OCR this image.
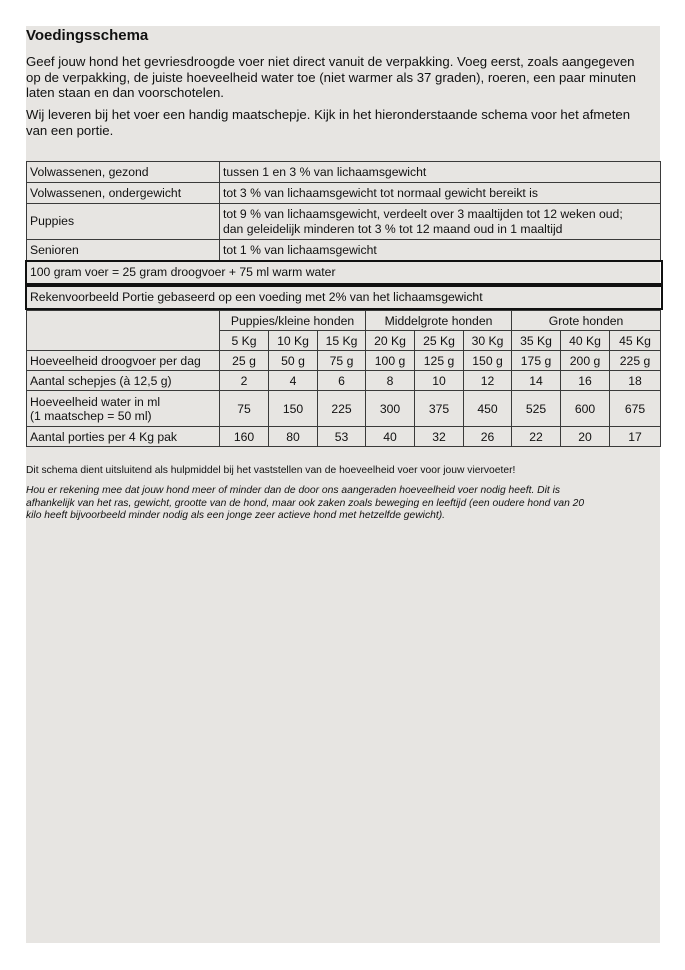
Voedingsschema
Geef jouw hond het gevriesdroogde voer niet direct vanuit de verpakking. Voeg eerst, zoals aangegeven op de verpakking, de juiste hoeveelheid water toe (niet warmer als 37 graden), roeren, een paar minuten laten staan en dan voorschotelen.
Wij leveren bij het voer een handig maatschepje. Kijk in het hieronderstaande schema voor het afmeten van een portie.
Volwassenen, gezond	tussen 1 en 3 % van lichaamsgewicht
Volwassenen, ondergewicht	tot 3 % van lichaamsgewicht tot normaal gewicht bereikt is
Puppies	tot 9 % van lichaamsgewicht, verdeelt over 3 maaltijden tot 12 weken oud;
dan geleidelijk minderen tot 3 % tot 12 maand oud in 1 maaltijd

Senioren	tot 1 % van lichaamsgewicht
100 gram voer = 25 gram droogvoer + 75 ml warm water
Rekenvoorbeeld Portie gebaseerd op een voeding met 2% van het lichaamsgewicht
	Puppies/kleine honden			Middelgrote honden			Grote honden		
	5 Kg	10 Kg	15 Kg	20 Kg	25 Kg	30 Kg	35 Kg	40 Kg	45 Kg

Hoeveelheid droogvoer per dag	25 g	50 g	75 g	100 g	125 g	150 g	175 g	200 g	225 g

Aantal schepjes (à 12,5 g)	2	4	6	8	10	12	14	16	18

Hoeveelheid water in ml
(1 maatschep = 50 ml)	75	150	225	300	375	450	525	600	675

Aantal porties per 4 Kg pak	160	80	53	40	32	26	22	20	17
Dit schema dient uitsluitend als hulpmiddel bij het vaststellen van de hoeveelheid voer voor jouw viervoeter!
Hou er rekening mee dat jouw hond meer of minder dan de door ons aangeraden hoeveelheid voer nodig heeft. Dit is afhankelijk van het ras, gewicht, grootte van de hond, maar ook zaken zoals beweging en leeftijd (een oudere hond van 20 kilo heeft bijvoorbeeld minder nodig als een jonge zeer actieve hond met hetzelfde gewicht).
